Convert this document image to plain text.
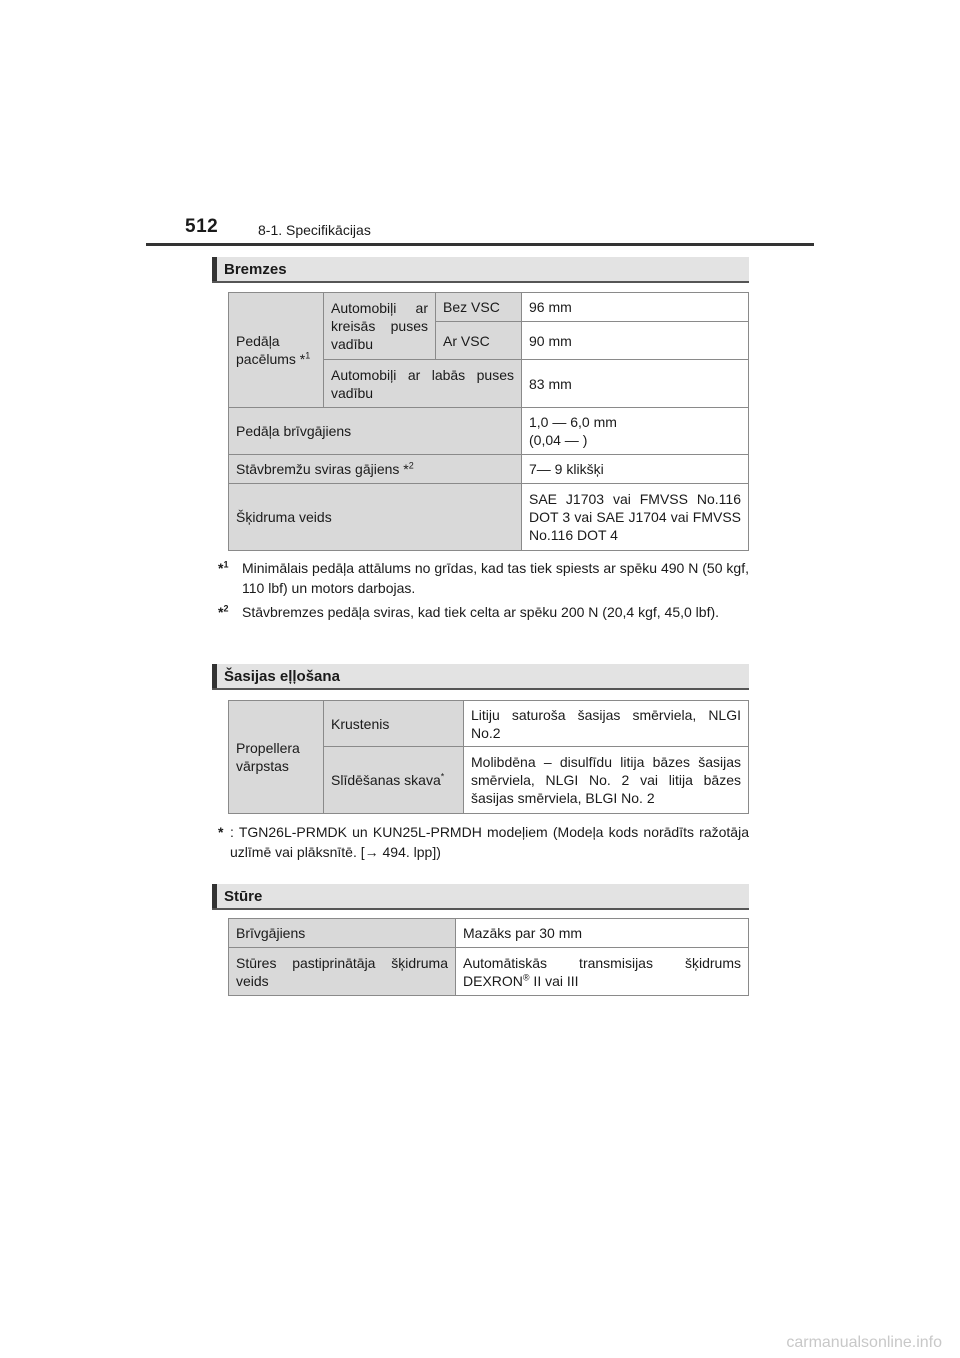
512	8-1. Specifikācijas
Bremzes
Pedāļa pacēlums *$^1$	Automobiļi ar kreisās puses vadību	Bez VSC	96 mm
		Ar VSC	90 mm
	Automobiļi ar labās puses vadību		83 mm
Pedāļa brīvgājiens			1,0 — 6,0 mm
(0,04 — )

Stāvbremžu sviras gājiens *$^2$			7— 9 klikšķi
Šķidruma veids			SAE J1703 vai FMVSS No.116 DOT 3 vai SAE J1704 vai FMVSS No.116 DOT 4
*$^1$ Minimālais pedāļa attālums no grīdas, kad tas tiek spiests ar spēku 490 N (50 kgf, 110 lbf) un motors darbojas.
*$^2$ Stāvbremzes pedāļa sviras, kad tiek celta ar spēku 200 N (20,4 kgf, 45,0 lbf).
Šasijas eļļošana
Propellera vārpstas	Krustenis	Litiju saturoša šasijas smērviela, NLGI No.2
	Slīdēšanas skava*	Molibdēna – disulfīdu litija bāzes šasijas smērviela, NLGI No. 2 vai litija bāzes šasijas smērviela, BLGI No. 2
* : TGN26L-PRMDK un KUN25L-PRMDH modeļiem (Modeļa kods norādīts ražotāja uzlīmē vai plāksnītē. [→ 494. lpp])
Stūre
Brīvgājiens	Mazāks par 30 mm
Stūres pastiprinātāja šķidruma veids	Automātiskās transmisijas šķidrums DEXRON® II vai III
carmanualsonline.info
